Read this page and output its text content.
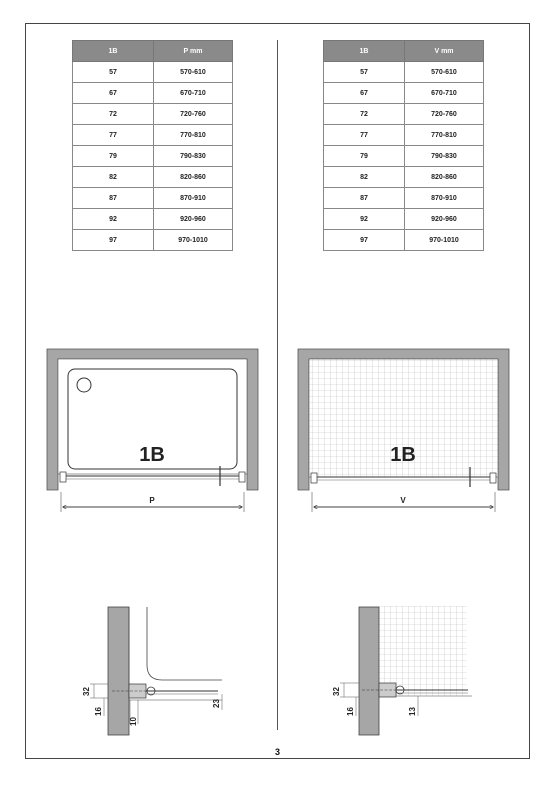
1B	P mm
57	570-610
67	670-710
72	720-760
77	770-810
79	790-830
82	820-860
87	870-910
92	920-960
97	970-1010
1B	V mm
57	570-610
67	670-710
72	720-760
77	770-810
79	790-830
82	820-860
87	870-910
92	920-960
97	970-1010
1B
P
1B
V
32
16
10
23
32
16	13
3
